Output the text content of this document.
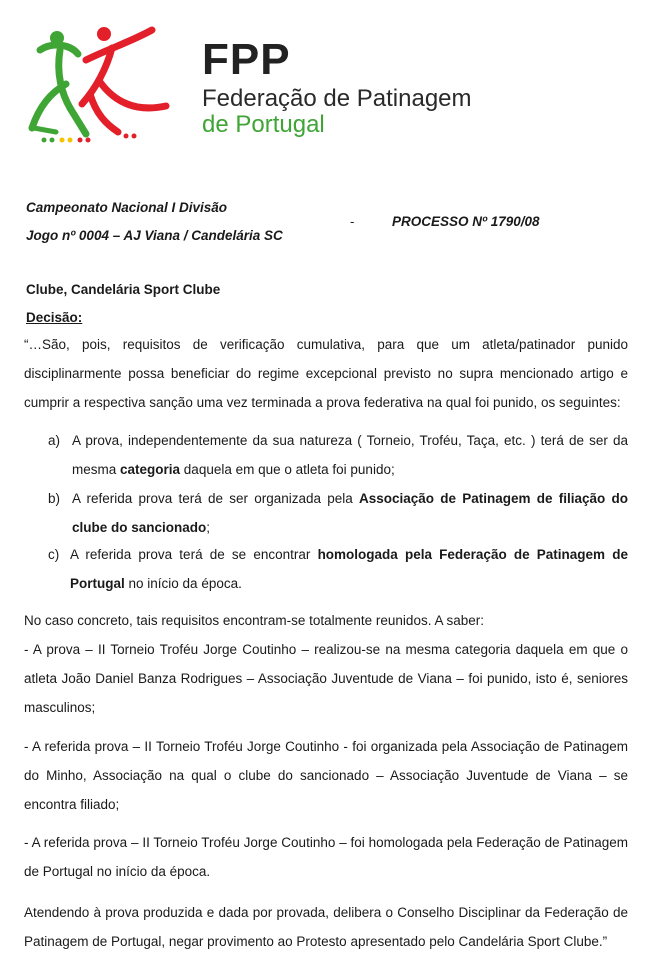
FPP
Federação de Patinagem
de Portugal
Campeonato Nacional I Divisão
Jogo nº 0004 – AJ Viana / Candelária SC
-	PROCESSO Nº 1790/08
Clube, Candelária Sport Clube
Decisão:
“…São, pois, requisitos de verificação cumulativa, para que um atleta/patinador punido disciplinarmente possa beneficiar do regime excepcional previsto no supra mencionado artigo e cumprir a respectiva sanção uma vez terminada a prova federativa na qual foi punido, os seguintes:
a) A prova, independentemente da sua natureza ( Torneio, Troféu, Taça, etc. ) terá de ser da mesma categoria daquela em que o atleta foi punido;
b) A referida prova terá de ser organizada pela Associação de Patinagem de filiação do clube do sancionado;
c) A referida prova terá de se encontrar homologada pela Federação de Patinagem de Portugal no início da época.
No caso concreto, tais requisitos encontram-se totalmente reunidos. A saber:
- A prova – II Torneio Troféu Jorge Coutinho – realizou-se na mesma categoria daquela em que o atleta João Daniel Banza Rodrigues – Associação Juventude de Viana – foi punido, isto é, seniores masculinos;
- A referida prova – II Torneio Troféu Jorge Coutinho - foi organizada pela Associação de Patinagem do Minho, Associação na qual o clube do sancionado – Associação Juventude de Viana – se encontra filiado;
- A referida prova – II Torneio Troféu Jorge Coutinho – foi homologada pela Federação de Patinagem de Portugal no início da época.
Atendendo à prova produzida e dada por provada, delibera o Conselho Disciplinar da Federação de Patinagem de Portugal, negar provimento ao Protesto apresentado pelo Candelária Sport Clube.”
